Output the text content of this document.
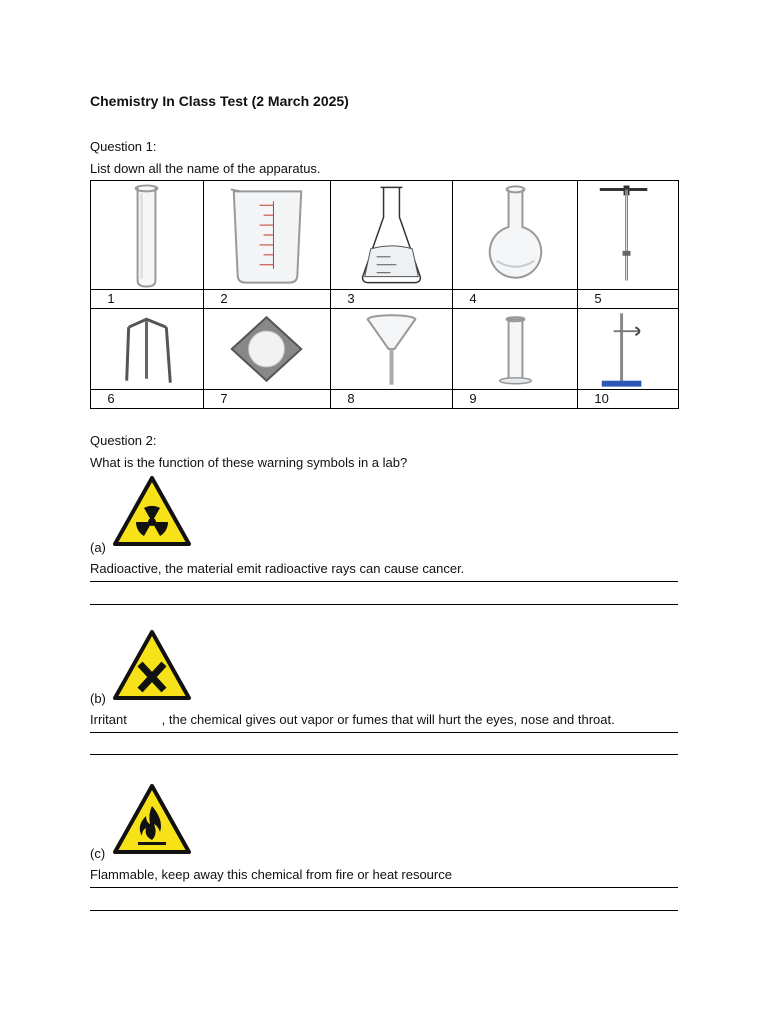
Chemistry In Class Test (2 March 2025)
Question 1:
List down all the name of the apparatus.

1	2	3	4	5

6	7	8	9	10
Question 2:
What is the function of these warning symbols in a lab?
(a)
Radioactive, the material emit radioactive rays can cause cancer.
(b)
Irritant , the chemical gives out vapor or fumes that will hurt the eyes, nose and throat.
(c)
Flammable, keep away this chemical from fire or heat resource
